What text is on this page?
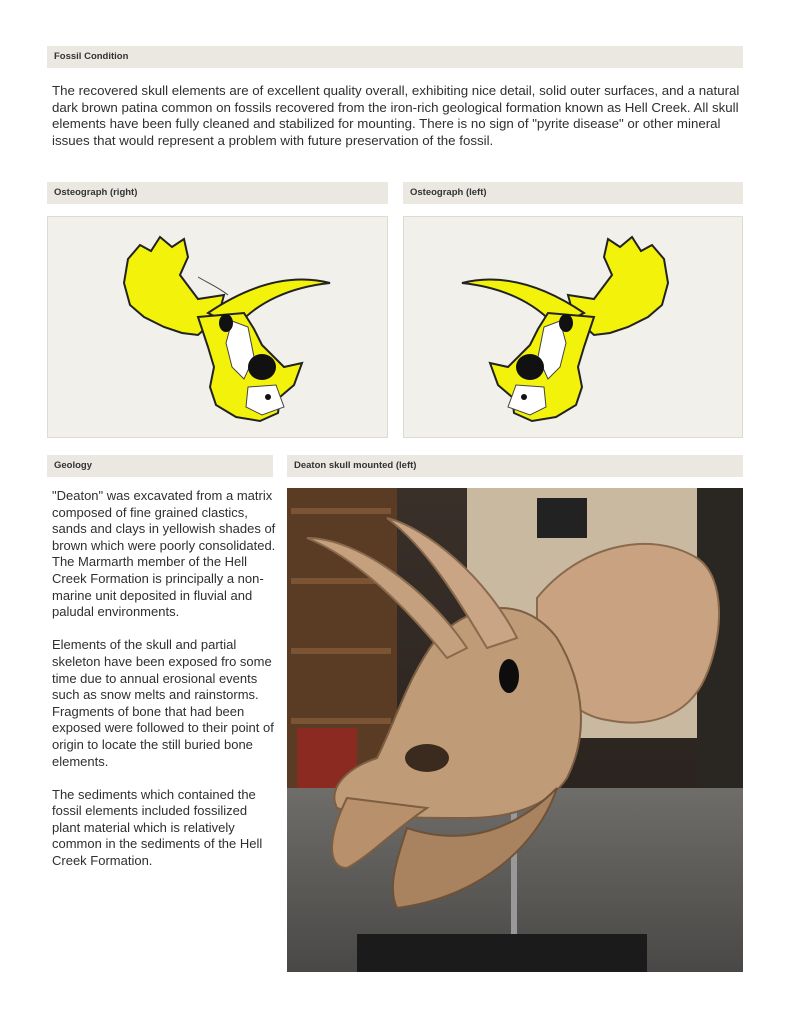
Fossil Condition
The recovered skull elements are of excellent quality overall, exhibiting nice detail, solid outer surfaces, and a natural dark brown patina common on fossils recovered from the iron-rich geological formation known as Hell Creek. All skull elements have been fully cleaned and stabilized for mounting. There is no sign of "pyrite disease" or other mineral issues that would represent a problem with future preservation of the fossil.
Osteograph (right)	Osteograph (left)
Geology	Deaton skull mounted (left)

"Deaton" was excavated from a matrix composed of fine grained clastics, sands and clays in yellowish shades of brown which were poorly consolidated. The Marmarth member of the Hell Creek Formation is principally a non-marine unit deposited in fluvial and paludal environments.

Elements of the skull and partial skeleton have been exposed fro some time due to annual erosional events such as snow melts and rainstorms. Fragments of bone that had been exposed were followed to their point of origin to locate the still buried bone elements.

The sediments which contained the fossil elements included fossilized plant material which is relatively common in the sediments of the Hell Creek Formation.
